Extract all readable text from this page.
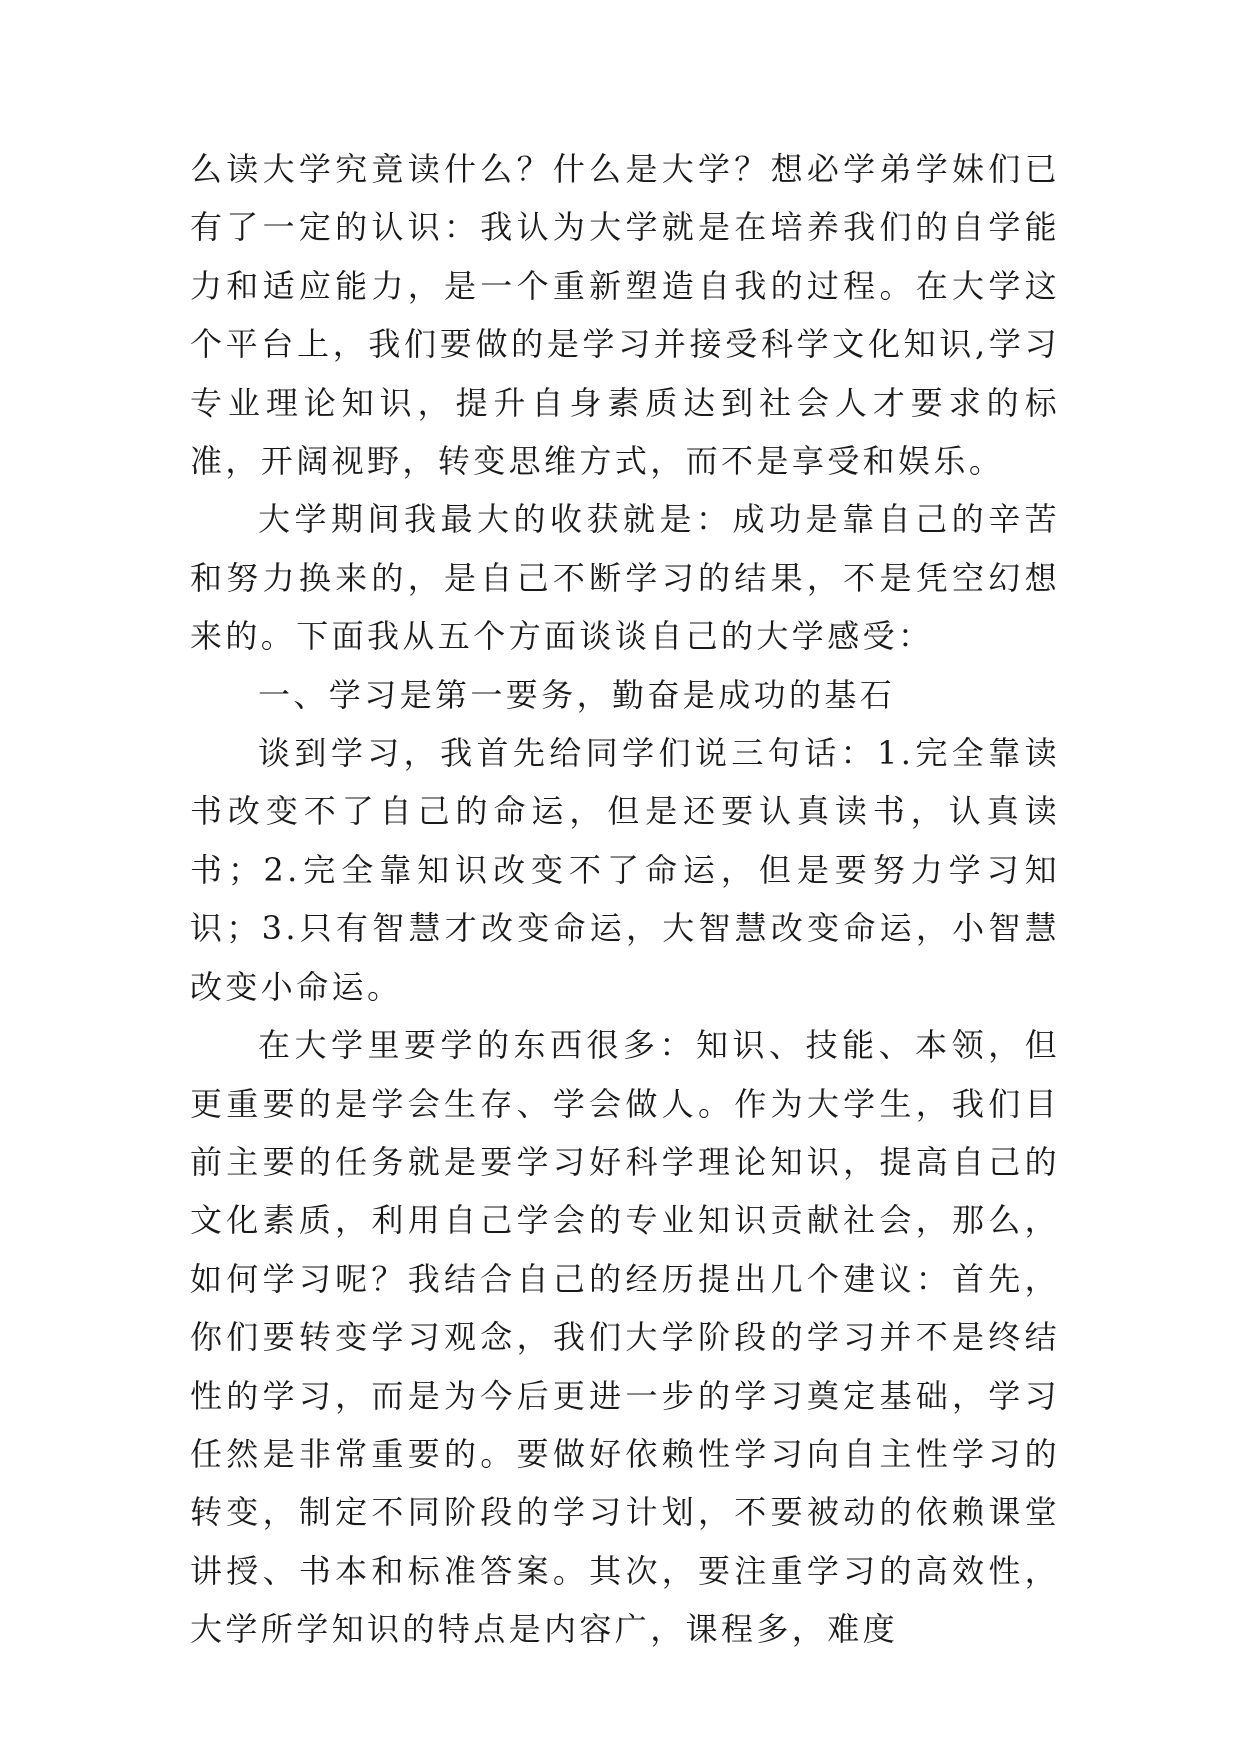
么读大学究竟读什么？什么是大学？想必学弟学妹们已有了一定的认识：我认为大学就是在培养我们的自学能力和适应能力，是一个重新塑造自我的过程。在大学这个平台上，我们要做的是学习并接受科学文化知识,学习专业理论知识，提升自身素质达到社会人才要求的标准，开阔视野，转变思维方式，而不是享受和娱乐。

大学期间我最大的收获就是：成功是靠自己的辛苦和努力换来的，是自己不断学习的结果，不是凭空幻想来的。下面我从五个方面谈谈自己的大学感受：

一、学习是第一要务，勤奋是成功的基石

谈到学习，我首先给同学们说三句话：1.完全靠读书改变不了自己的命运，但是还要认真读书，认真读书；2.完全靠知识改变不了命运，但是要努力学习知识；3.只有智慧才改变命运，大智慧改变命运，小智慧改变小命运。

在大学里要学的东西很多：知识、技能、本领，但更重要的是学会生存、学会做人。作为大学生，我们目前主要的任务就是要学习好科学理论知识，提高自己的文化素质，利用自己学会的专业知识贡献社会，那么，如何学习呢？我结合自己的经历提出几个建议：首先，你们要转变学习观念，我们大学阶段的学习并不是终结性的学习，而是为今后更进一步的学习奠定基础，学习任然是非常重要的。要做好依赖性学习向自主性学习的转变，制定不同阶段的学习计划，不要被动的依赖课堂讲授、书本和标准答案。其次，要注重学习的高效性，大学所学知识的特点是内容广，课程多，难度
